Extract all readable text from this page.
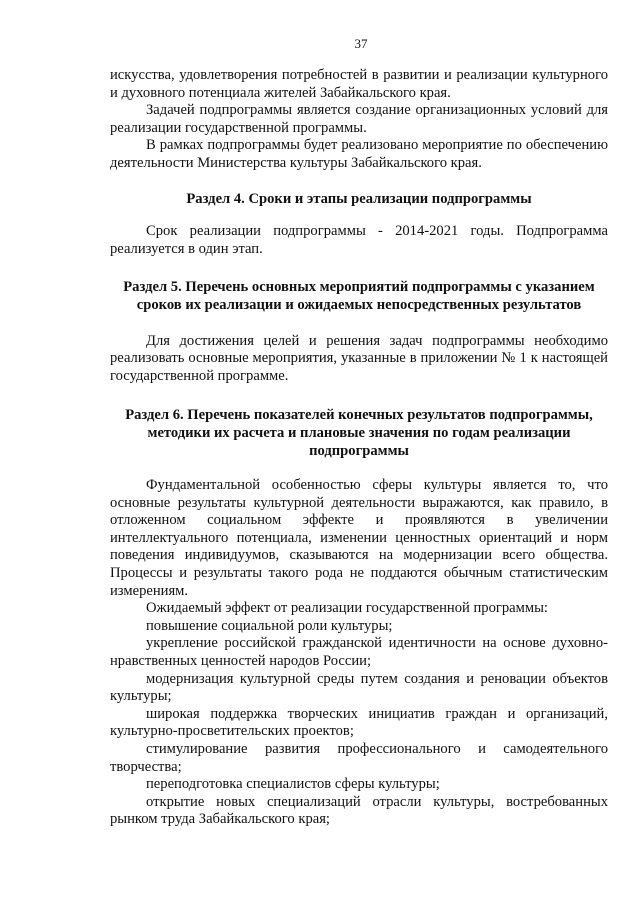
37

искусства, удовлетворения потребностей в развитии и реализации культурного и духовного потенциала жителей Забайкальского края.

Задачей подпрограммы является создание организационных условий для реализации государственной программы.

В рамках подпрограммы будет реализовано мероприятие по обеспечению деятельности Министерства культуры Забайкальского края.

Раздел 4. Сроки и этапы реализации подпрограммы

Срок реализации подпрограммы - 2014-2021 годы. Подпрограмма реализуется в один этап.

Раздел 5. Перечень основных мероприятий подпрограммы с указанием сроков их реализации и ожидаемых непосредственных результатов

Для достижения целей и решения задач подпрограммы необходимо реализовать основные мероприятия, указанные в приложении № 1 к настоящей государственной программе.

Раздел 6. Перечень показателей конечных результатов подпрограммы, методики их расчета и плановые значения по годам реализации подпрограммы

Фундаментальной особенностью сферы культуры является то, что основные результаты культурной деятельности выражаются, как правило, в отложенном социальном эффекте и проявляются в увеличении интеллектуального потенциала, изменении ценностных ориентаций и норм поведения индивидуумов, сказываются на модернизации всего общества. Процессы и результаты такого рода не поддаются обычным статистическим измерениям.

Ожидаемый эффект от реализации государственной программы:

повышение социальной роли культуры;

укрепление российской гражданской идентичности на основе духовно-нравственных ценностей народов России;

модернизация культурной среды путем создания и реновации объектов культуры;

широкая поддержка творческих инициатив граждан и организаций, культурно-просветительских проектов;

стимулирование развития профессионального и самодеятельного творчества;

переподготовка специалистов сферы культуры;

открытие новых специализаций отрасли культуры, востребованных рынком труда Забайкальского края;
